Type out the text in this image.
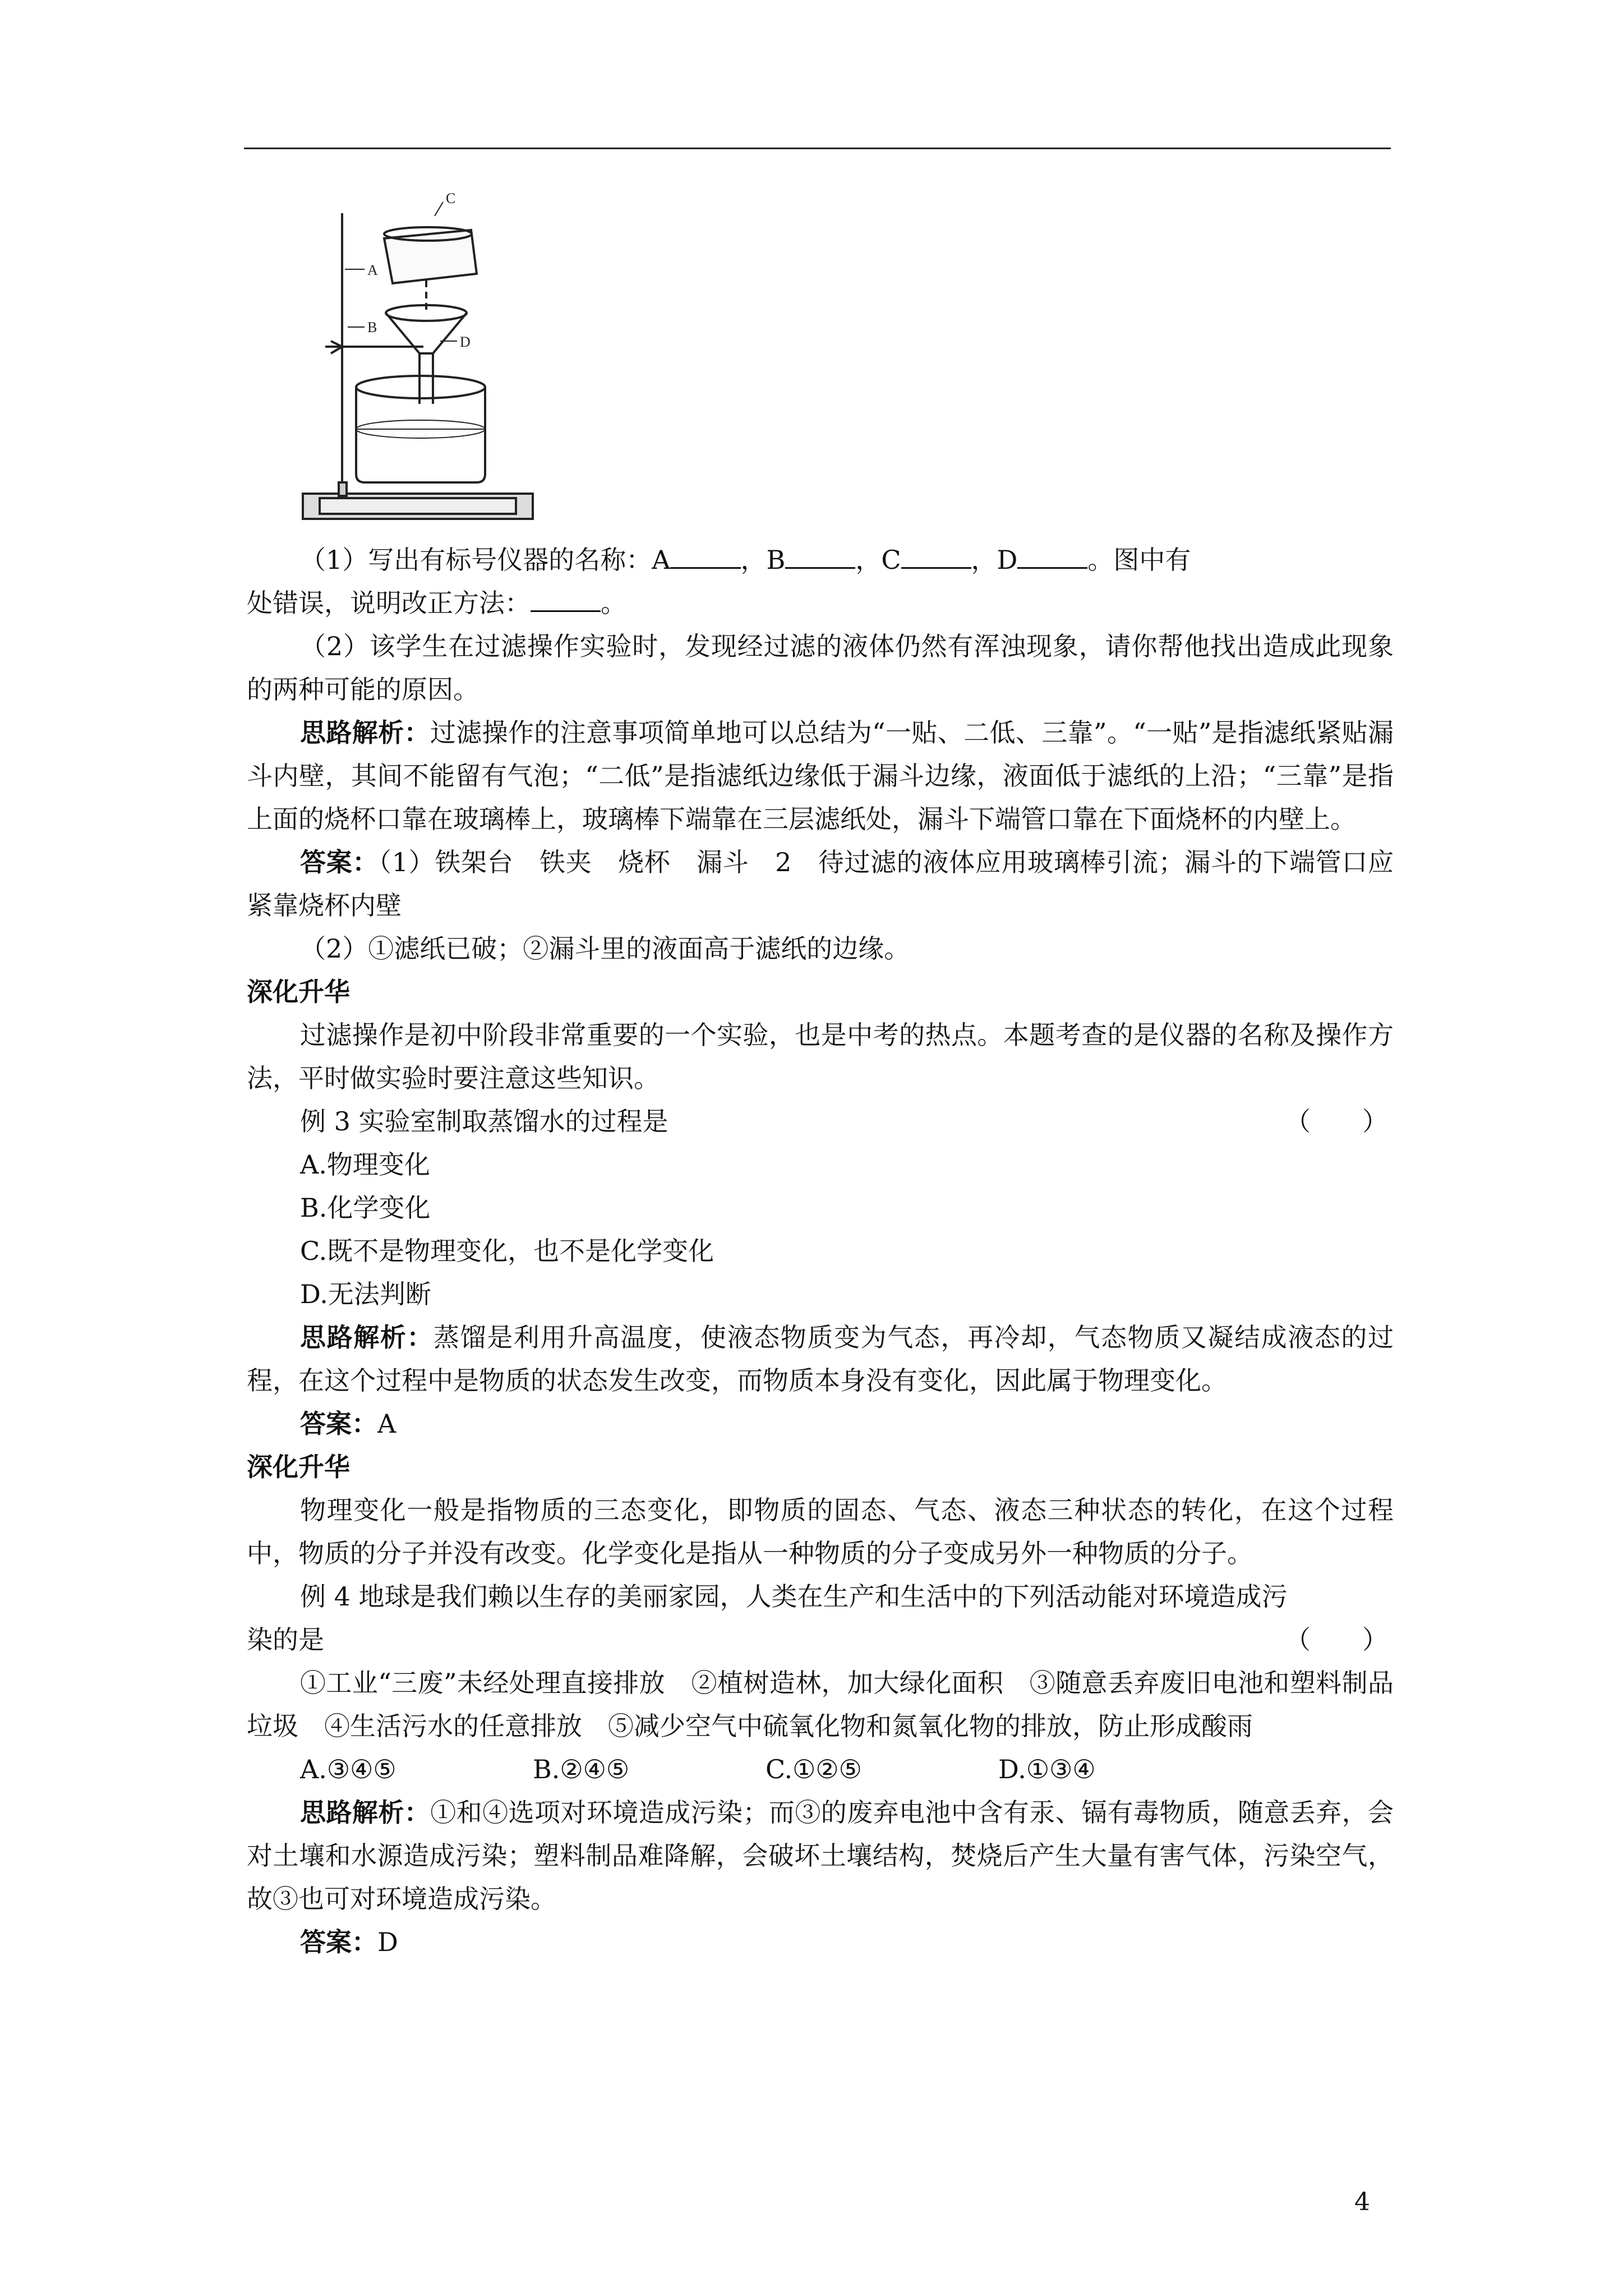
A
B
C
D

（1）写出有标号仪器的名称：A	，B	，C	，D	。图中有

处错误，说明改正方法：	。

（2）该学生在过滤操作实验时，发现经过滤的液体仍然有浑浊现象，请你帮他找出造成此现象的两种可能的原因。

思路解析：过滤操作的注意事项简单地可以总结为“一贴、二低、三靠”。“一贴”是指滤纸紧贴漏斗内壁，其间不能留有气泡；“二低”是指滤纸边缘低于漏斗边缘，液面低于滤纸的上沿；“三靠”是指上面的烧杯口靠在玻璃棒上，玻璃棒下端靠在三层滤纸处，漏斗下端管口靠在下面烧杯的内壁上。

答案：（1）铁架台　铁夹　烧杯　漏斗　2　待过滤的液体应用玻璃棒引流；漏斗的下端管口应紧靠烧杯内壁

（2）①滤纸已破；②漏斗里的液面高于滤纸的边缘。

深化升华

过滤操作是初中阶段非常重要的一个实验，也是中考的热点。本题考查的是仪器的名称及操作方法，平时做实验时要注意这些知识。

例 3 实验室制取蒸馏水的过程是	（　　）

A.物理变化

B.化学变化

C.既不是物理变化，也不是化学变化

D.无法判断

思路解析：蒸馏是利用升高温度，使液态物质变为气态，再冷却，气态物质又凝结成液态的过程，在这个过程中是物质的状态发生改变，而物质本身没有变化，因此属于物理变化。

答案：A

深化升华

物理变化一般是指物质的三态变化，即物质的固态、气态、液态三种状态的转化，在这个过程中，物质的分子并没有改变。化学变化是指从一种物质的分子变成另外一种物质的分子。

例 4 地球是我们赖以生存的美丽家园，人类在生产和生活中的下列活动能对环境造成污

染的是	（　　）

①工业“三废”未经处理直接排放　②植树造林，加大绿化面积　③随意丢弃废旧电池和塑料制品垃圾　④生活污水的任意排放　⑤减少空气中硫氧化物和氮氧化物的排放，防止形成酸雨

A.③④⑤	B.②④⑤	C.①②⑤	D.①③④

思路解析：①和④选项对环境造成污染；而③的废弃电池中含有汞、镉有毒物质，随意丢弃，会对土壤和水源造成污染；塑料制品难降解，会破坏土壤结构，焚烧后产生大量有害气体，污染空气，故③也可对环境造成污染。

答案：D

4
